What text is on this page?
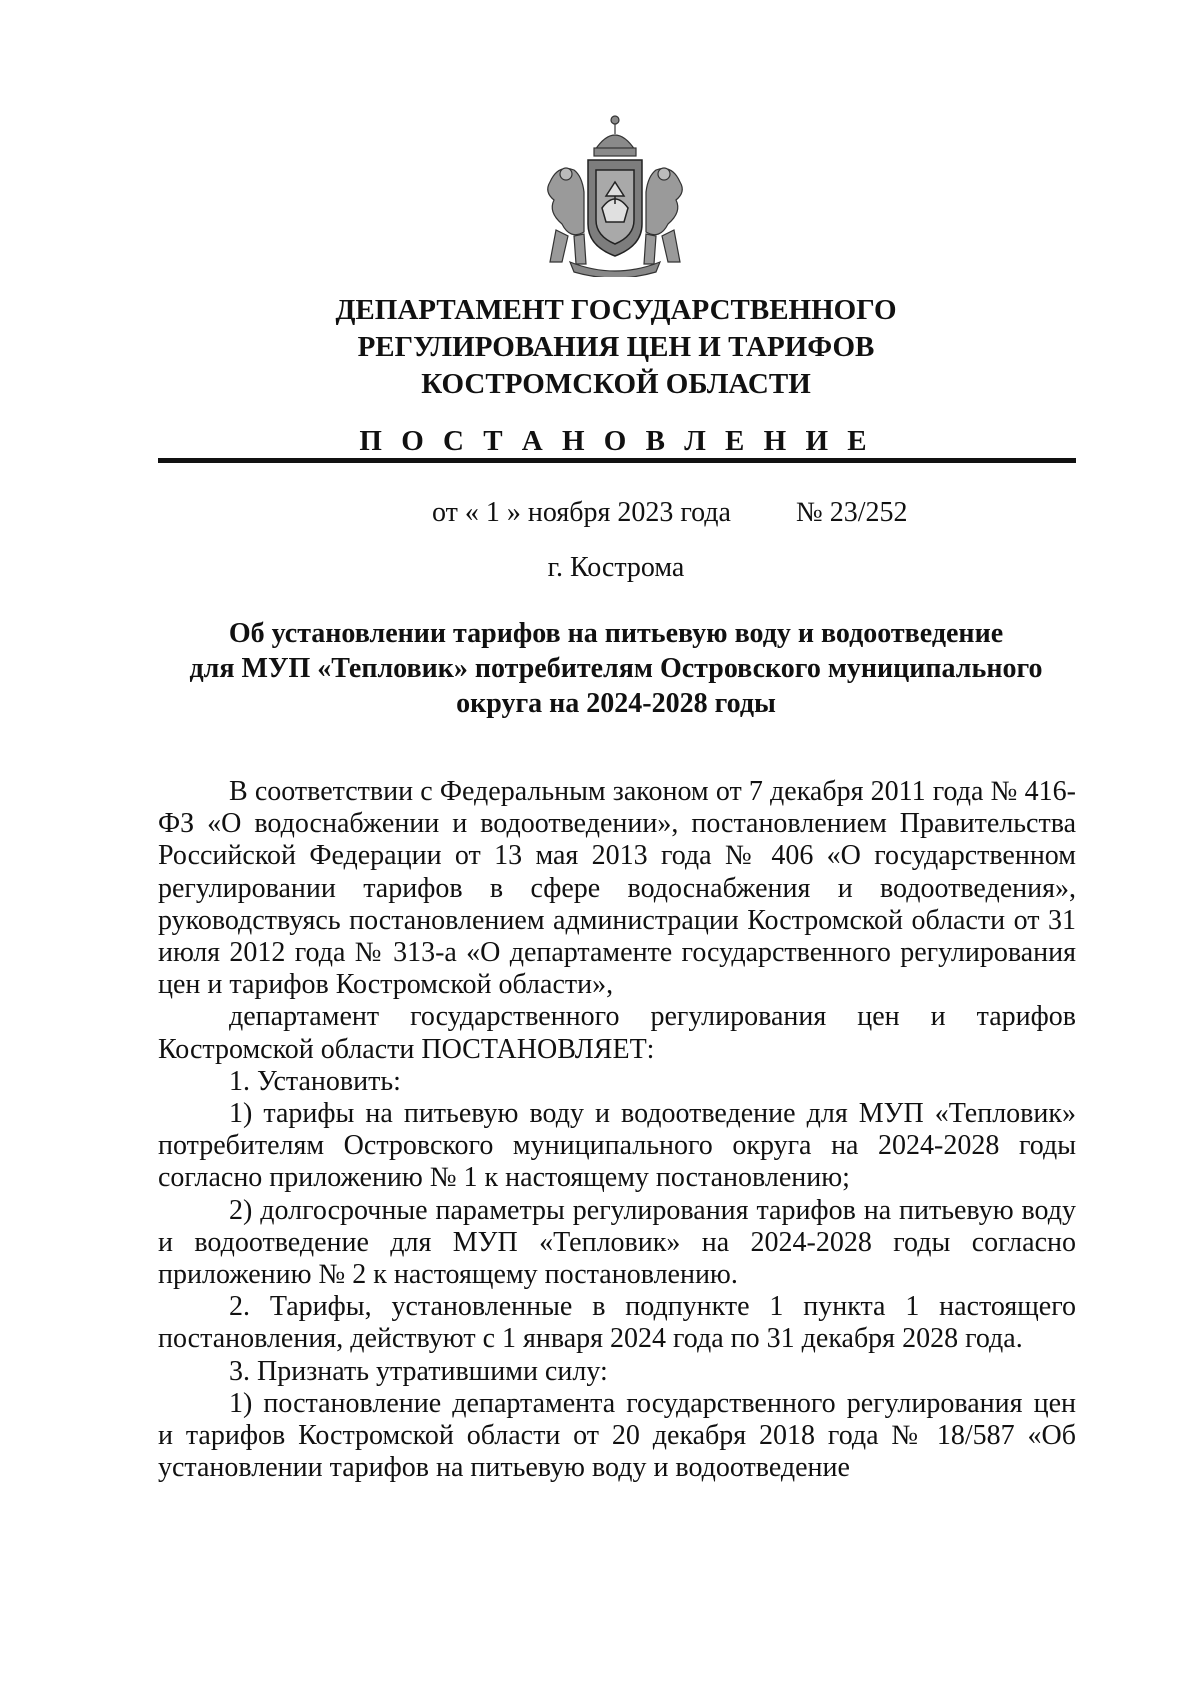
ДЕПАРТАМЕНТ ГОСУДАРСТВЕННОГО
РЕГУЛИРОВАНИЯ ЦЕН И ТАРИФОВ
КОСТРОМСКОЙ ОБЛАСТИ
П О С Т А Н О В Л Е Н И Е
от « 1 » ноября 2023 года № 23/252
г. Кострома
Об установлении тарифов на питьевую воду и водоотведение
для МУП «Тепловик» потребителям Островского муниципального
округа на 2024-2028 годы

В соответствии с Федеральным законом от 7 декабря 2011 года № 416-ФЗ «О водоснабжении и водоотведении», постановлением Правительства Российской Федерации от 13 мая 2013 года № 406 «О государственном регулировании тарифов в сфере водоснабжения и водоотведения», руководствуясь постановлением администрации Костромской области от 31 июля 2012 года № 313-а «О департаменте государственного регулирования цен и тарифов Костромской области»,

департамент государственного регулирования цен и тарифов Костромской области ПОСТАНОВЛЯЕТ:

1. Установить:

1) тарифы на питьевую воду и водоотведение для МУП «Тепловик» потребителям Островского муниципального округа на 2024-2028 годы согласно приложению № 1 к настоящему постановлению;

2) долгосрочные параметры регулирования тарифов на питьевую воду и водоотведение для МУП «Тепловик» на 2024-2028 годы согласно приложению № 2 к настоящему постановлению.

2. Тарифы, установленные в подпункте 1 пункта 1 настоящего постановления, действуют с 1 января 2024 года по 31 декабря 2028 года.

3. Признать утратившими силу:

1) постановление департамента государственного регулирования цен и тарифов Костромской области от 20 декабря 2018 года № 18/587 «Об установлении тарифов на питьевую воду и водоотведение
